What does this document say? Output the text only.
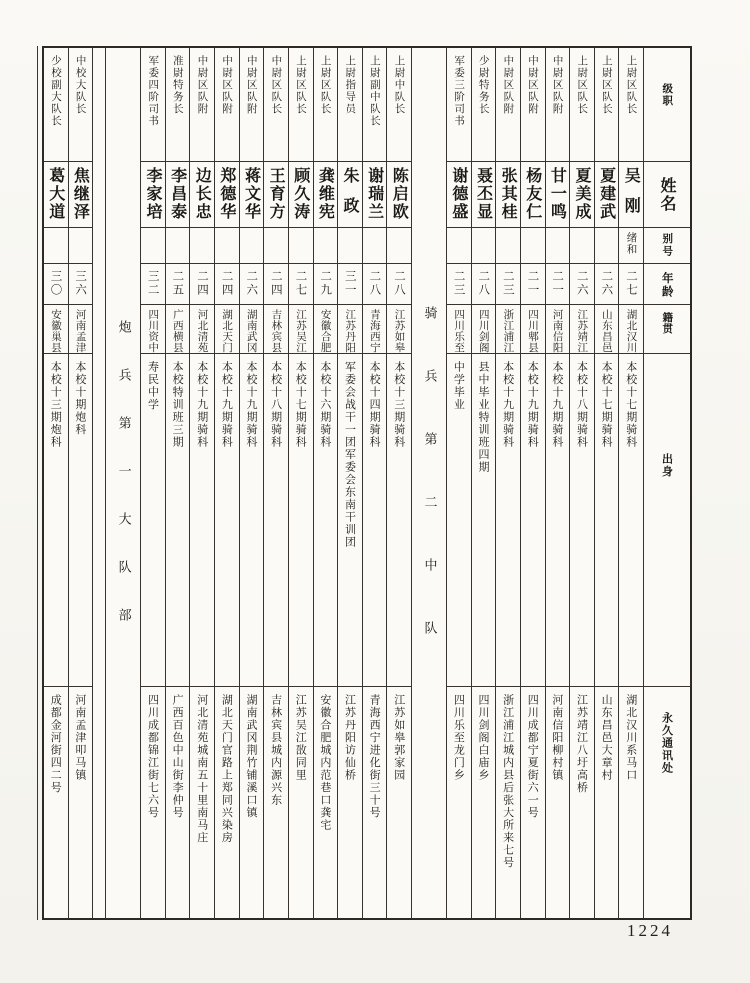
级职
姓名
别号
年龄
籍贯
出身
永久通讯处
上尉区队长
吴刚
绪和
二七
湖北汉川
本校十七期骑科
湖北汉川系马口
上尉区队长
夏建武
二六
山东昌邑
本校十七期骑科
山东昌邑大章村
上尉区队长
夏美成
二六
江苏靖江
本校十八期骑科
江苏靖江八圩高桥
中尉区队附
甘一鸣
二一
河南信阳
本校十九期骑科
河南信阳柳村镇
中尉区队附
杨友仁
二一
四川郫县
本校十九期骑科
四川成都宁夏街六一号
中尉区队附
张其桂
二三
浙江浦江
本校十九期骑科
浙江浦江城内县后张大所来七号
少尉特务长
聂丕显
二八
四川剑阁
县中毕业特训班四期
四川剑阁白庙乡
军委三阶司书
谢德盛
二三
四川乐至
中学毕业
四川乐至龙门乡
骑兵第二中队
上尉中队长
陈启欧
二八
江苏如皋
本校十三期骑科
江苏如皋郭家园
上尉副中队长
谢瑞兰
二八
青海西宁
本校十四期骑科
青海西宁进化街三十号
上尉指导员
朱政
三一
江苏丹阳
军委会战干一团军委会东南干训团
江苏丹阳访仙桥
上尉区队长
龚维宪
二九
安徽合肥
本校十六期骑科
安徽合肥城内范巷口龚宅
上尉区队长
顾久涛
二七
江苏吴江
本校十七期骑科
江苏吴江敔同里
中尉区队长
王育方
二四
吉林宾县
本校十八期骑科
吉林宾县城内源兴东
中尉区队附
蒋文华
二六
湖南武冈
本校十九期骑科
湖南武冈荆竹铺溪口镇
中尉区队附
郑德华
二四
湖北天门
本校十九期骑科
湖北天门官路上郑同兴染房
中尉区队附
边长忠
二四
河北清苑
本校十九期骑科
河北清苑城南五十里南马庄
准尉特务长
李昌泰
二五
广西横县
本校特训班三期
广西百色中山街李仲号
军委四阶司书
李家培
三二
四川资中
寿民中学
四川成都锦江街七六号
炮兵第一大队部
中校大队长
焦继泽
三六
河南孟津
本校十期炮科
河南孟津叩马镇
少校副大队长
葛大道
三〇
安徽巢县
本校十三期炮科
成都金河街四二号
1224
